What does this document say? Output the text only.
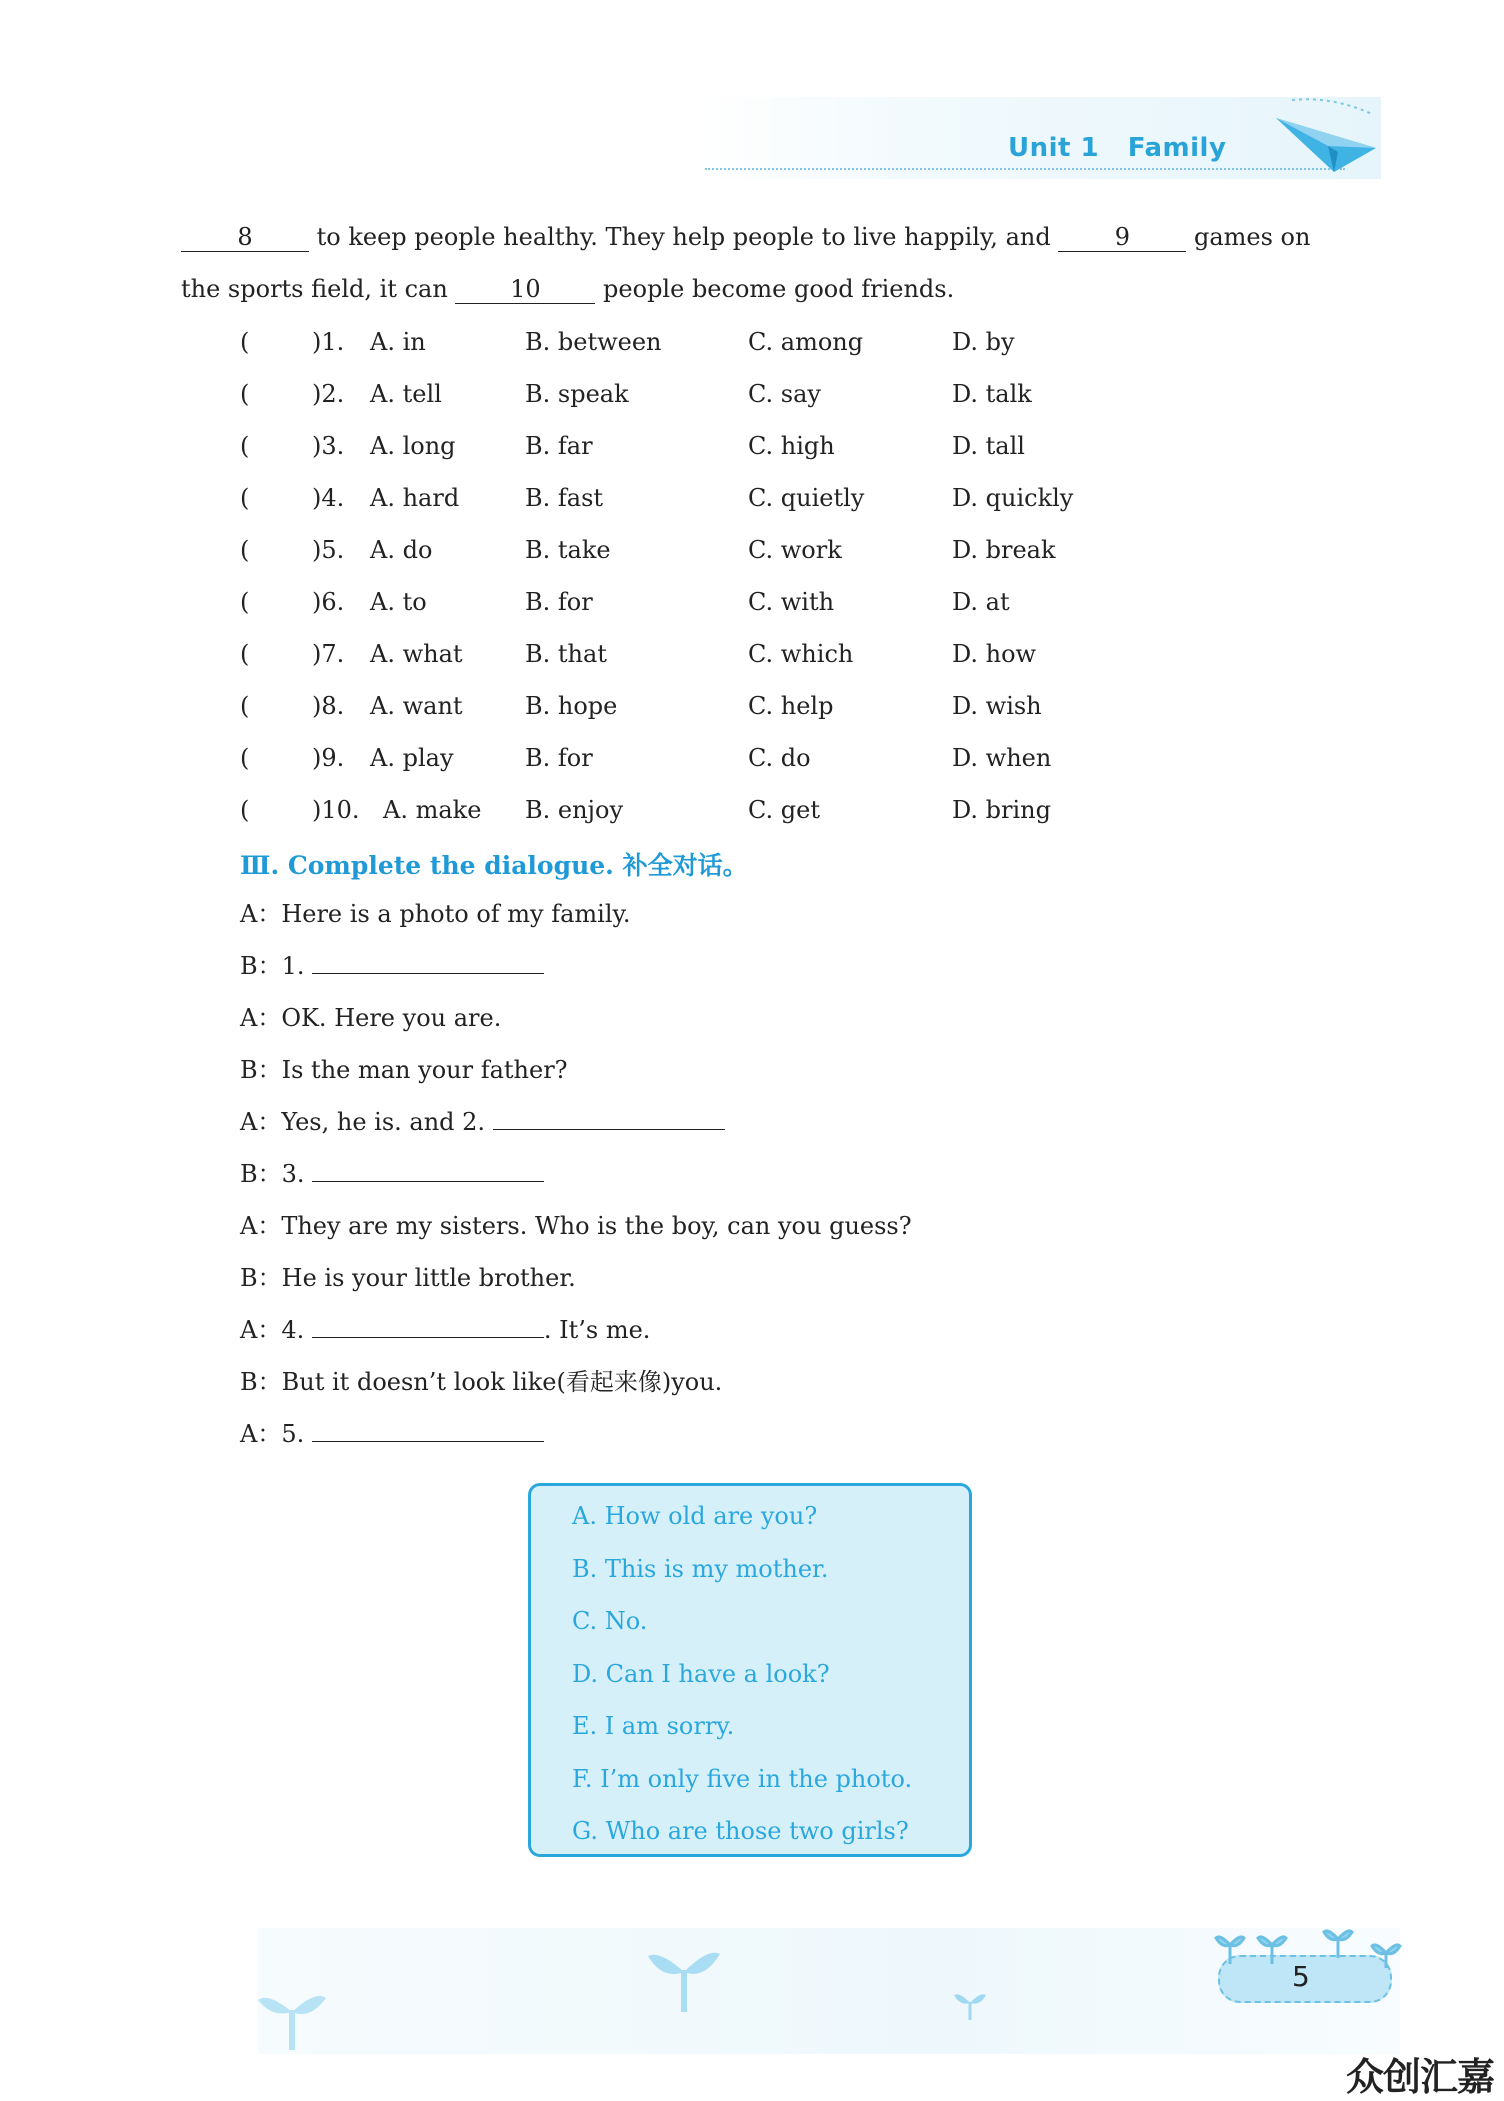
Unit 1   Family
8 to keep people healthy. They help people to live happily, and 9 games on
the sports field, it can 10 people become good friends.
(	)1. A. in	B. between	C. among	D. by
(	)2. A. tell	B. speak	C. say	D. talk
(	)3. A. long	B. far	C. high	D. tall
(	)4. A. hard	B. fast	C. quietly	D. quickly
(	)5. A. do	B. take	C. work	D. break
(	)6. A. to	B. for	C. with	D. at
(	)7. A. what	B. that	C. which	D. how
(	)8. A. want	B. hope	C. help	D. wish
(	)9. A. play	B. for	C. do	D. when
(	)10. A. make B. enjoy	C. get	D. bring
Ⅲ. Complete the dialogue. 补全对话。
A：Here is a photo of my family.
B：1.
A：OK. Here you are.
B：Is the man your father?
A：Yes, he is. and 2.
B：3.
A：They are my sisters. Who is the boy, can you guess?
B：He is your little brother.
A：4.	. It’s me.
B：But it doesn’t look like(看起来像)you.
A：5.
A. How old are you?
B. This is my mother.
C. No.
D. Can I have a look?
E. I am sorry.
F. I’m only five in the photo.
G. Who are those two girls?
5
众创汇嘉
